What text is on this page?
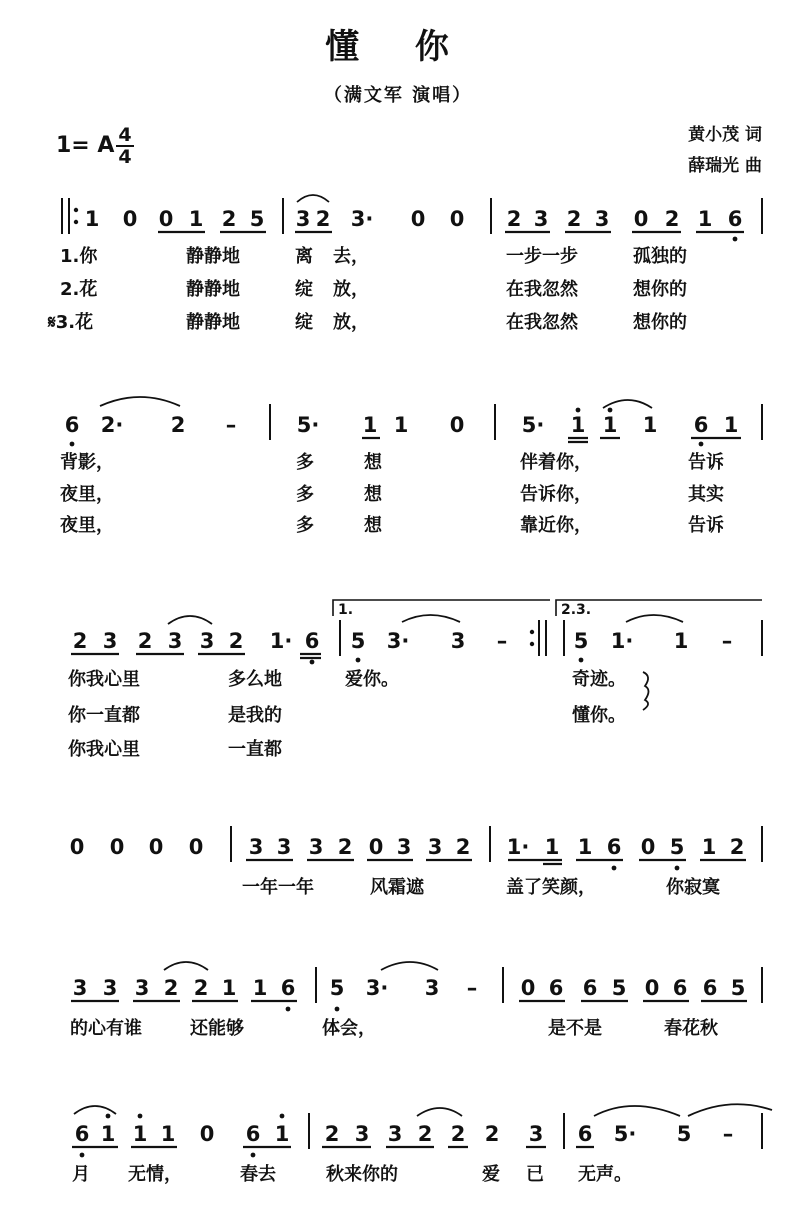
懂 你
（满文军 演唱）
黄小茂 词
薛瑞光 曲
1= A 4
4
1 0 0 1 2 5 3 2 3· 0 0 2 3 2 3 0 2 1 6
1.你	静静地	离 去，	一步一步	孤独的
2.花	静静地	绽 放，	在我忽然	想你的
𝄋3.花	静静地	绽 放，	在我忽然	想你的
6 2· 2 –	5· 1 1 0	5· 1 1 1 6 1
背影，	多	想	伴着你，	告诉
夜里，	多	想	告诉你，	其实
夜里，	多	想	靠近你，	告诉
1.	2.3.
2 3 2 3 3 2 1· 6 5 3· 3 –	5 1· 1 –
你我心里	多么地	爱你。	奇迹。
你一直都	是我的	懂你。
你我心里	一直都
0 0 0 0 3 3 3 2 0 3 3 2 1· 1 1 6 0 5 1 2
一年一年	风霜遮	盖了笑颜，	你寂寞
3 3 3 2 2 1 1 6 5 3· 3 – 0 6 6 5 0 6 6 5
的心有谁	还能够	体会，	是不是	春花秋
6 1 1 1 0 6 1 2 3 3 2 2 2 3 6 5· 5 –
月 无情，	春去	秋来你的	爱 已 无声。
